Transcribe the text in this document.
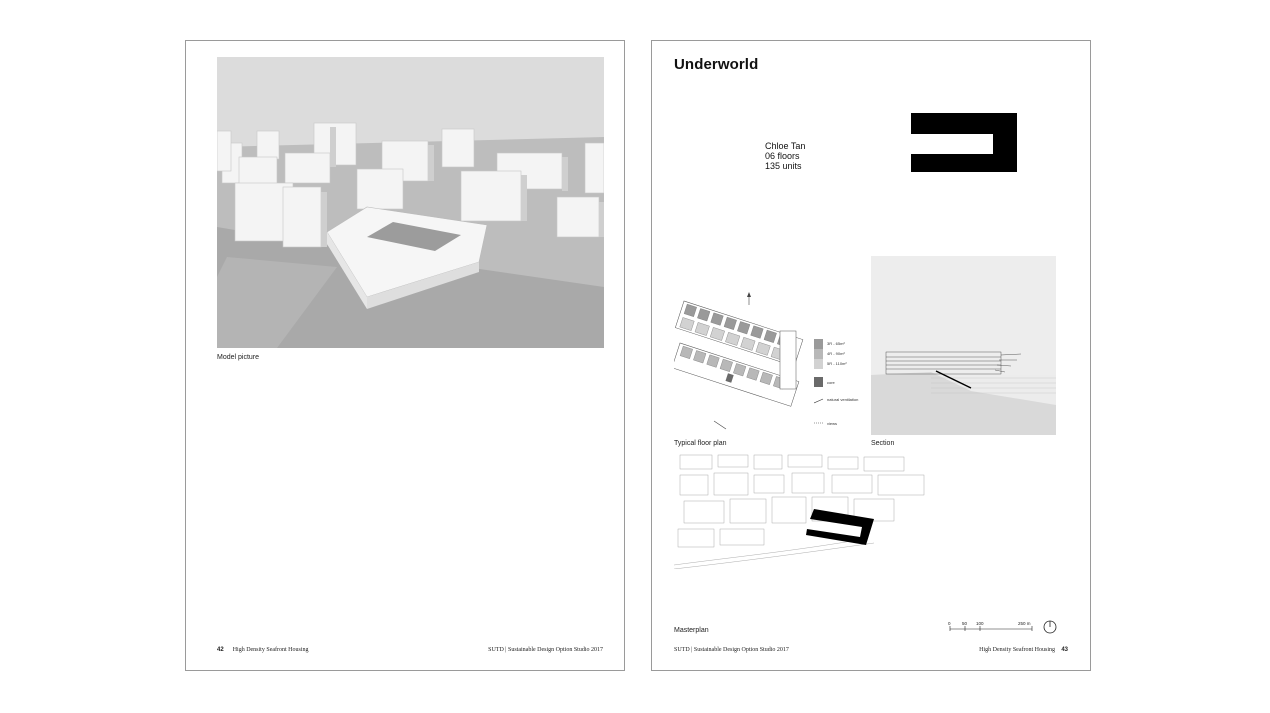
Model picture
42 High Density Seafront Housing	SUTD | Sustainable Design Option Studio 2017
Underworld
Chloe Tan
06 floors
135 units
3R - 65m²
4R - 90m²
5R - 110m²
core
natural ventilation
views
Typical floor plan	Section
Masterplan
0	50 100	250 m
SUTD | Sustainable Design Option Studio 2017	High Density Seafront Housing 43
